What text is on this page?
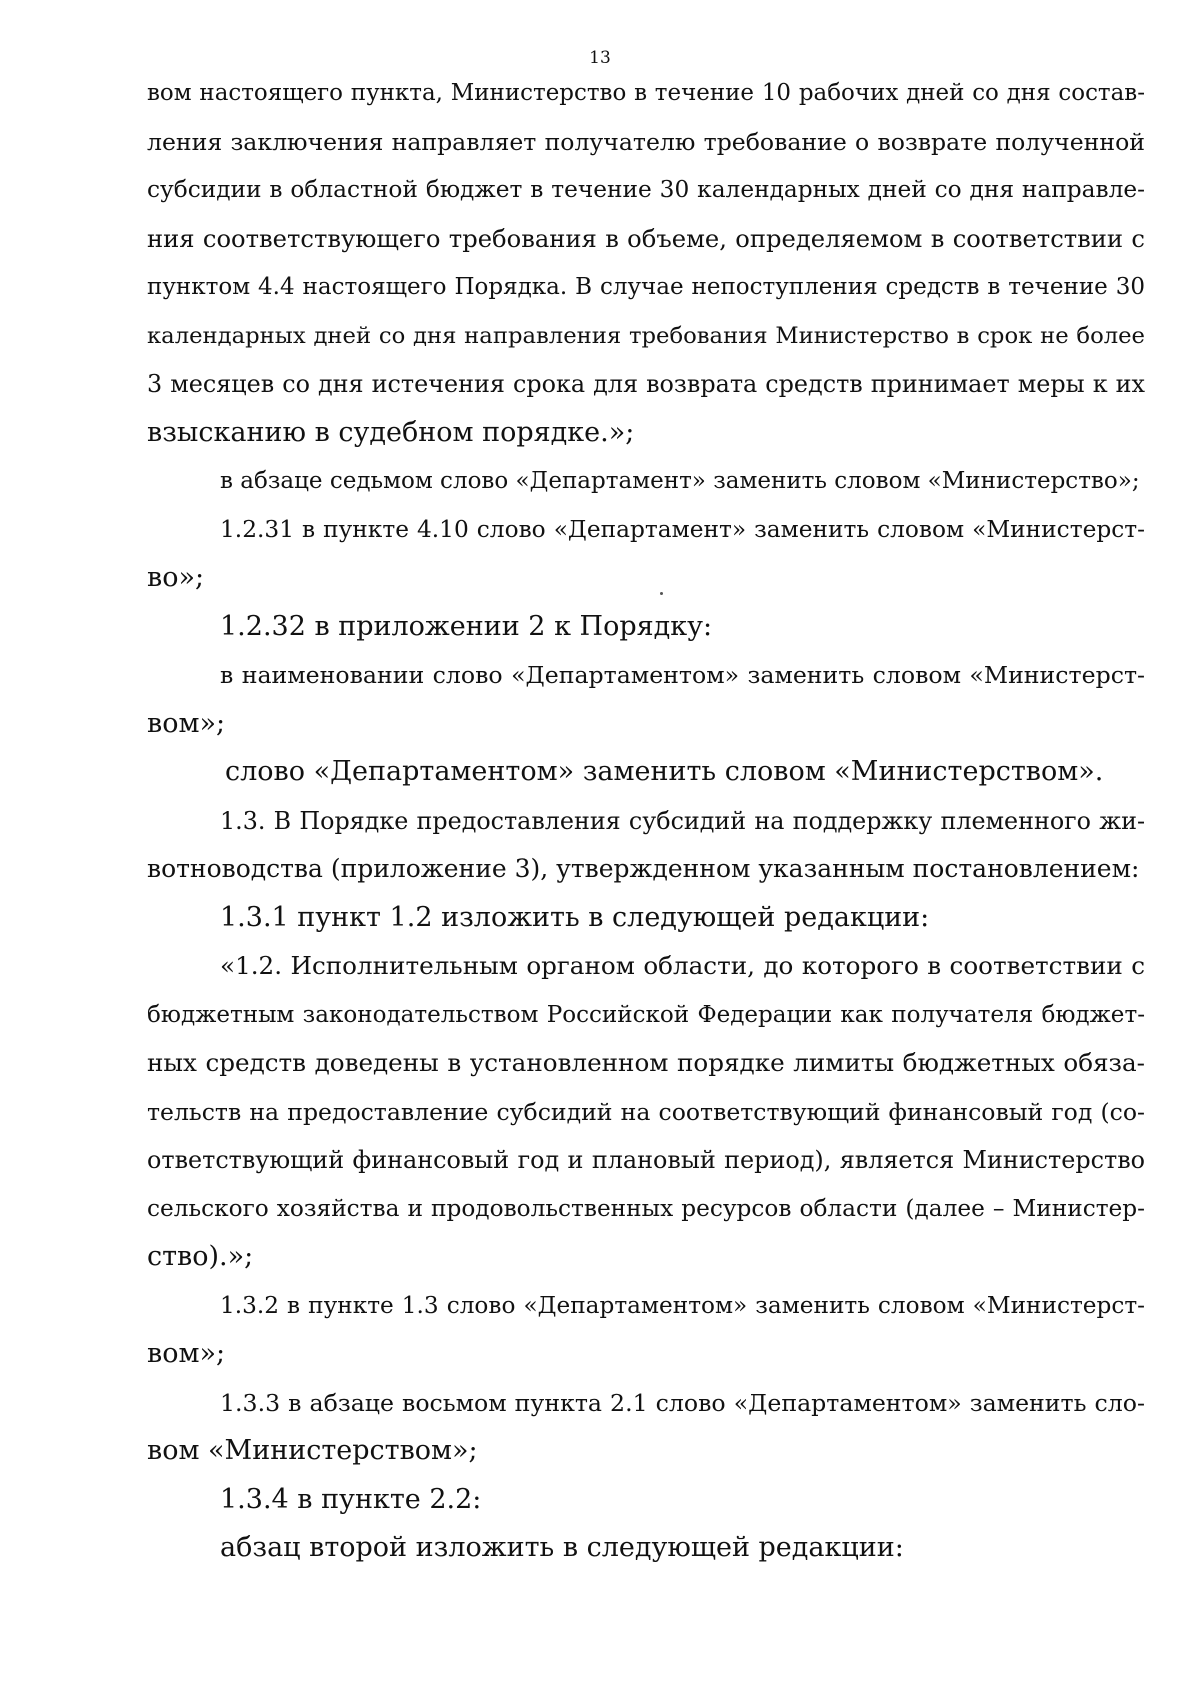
13

вом настоящего пункта, Министерство в течение 10 рабочих дней со дня состав-

ления заключения направляет получателю требование о возврате полученной

субсидии в областной бюджет в течение 30 календарных дней со дня направле-

ния соответствующего требования в объеме, определяемом в соответствии с

пунктом 4.4 настоящего Порядка. В случае непоступления средств в течение 30

календарных дней со дня направления требования Министерство в срок не более

3 месяцев со дня истечения срока для возврата средств принимает меры к их

взысканию в судебном порядке.»;

в абзаце седьмом слово «Департамент» заменить словом «Министерство»;

1.2.31 в пункте 4.10 слово «Департамент» заменить словом «Министерст-

во»;

1.2.32 в приложении 2 к Порядку:

в наименовании слово «Департаментом» заменить словом «Министерст-

вом»;

слово «Департаментом» заменить словом «Министерством».

1.3. В Порядке предоставления субсидий на поддержку племенного жи-

вотноводства (приложение 3), утвержденном указанным постановлением:

1.3.1 пункт 1.2 изложить в следующей редакции:

«1.2. Исполнительным органом области, до которого в соответствии с

бюджетным законодательством Российской Федерации как получателя бюджет-

ных средств доведены в установленном порядке лимиты бюджетных обяза-

тельств на предоставление субсидий на соответствующий финансовый год (со-

ответствующий финансовый год и плановый период), является Министерство

сельского хозяйства и продовольственных ресурсов области (далее – Министер-

ство).»;

1.3.2 в пункте 1.3 слово «Департаментом» заменить словом «Министерст-

вом»;

1.3.3 в абзаце восьмом пункта 2.1 слово «Департаментом» заменить сло-

вом «Министерством»;

1.3.4 в пункте 2.2:

абзац второй изложить в следующей редакции:
